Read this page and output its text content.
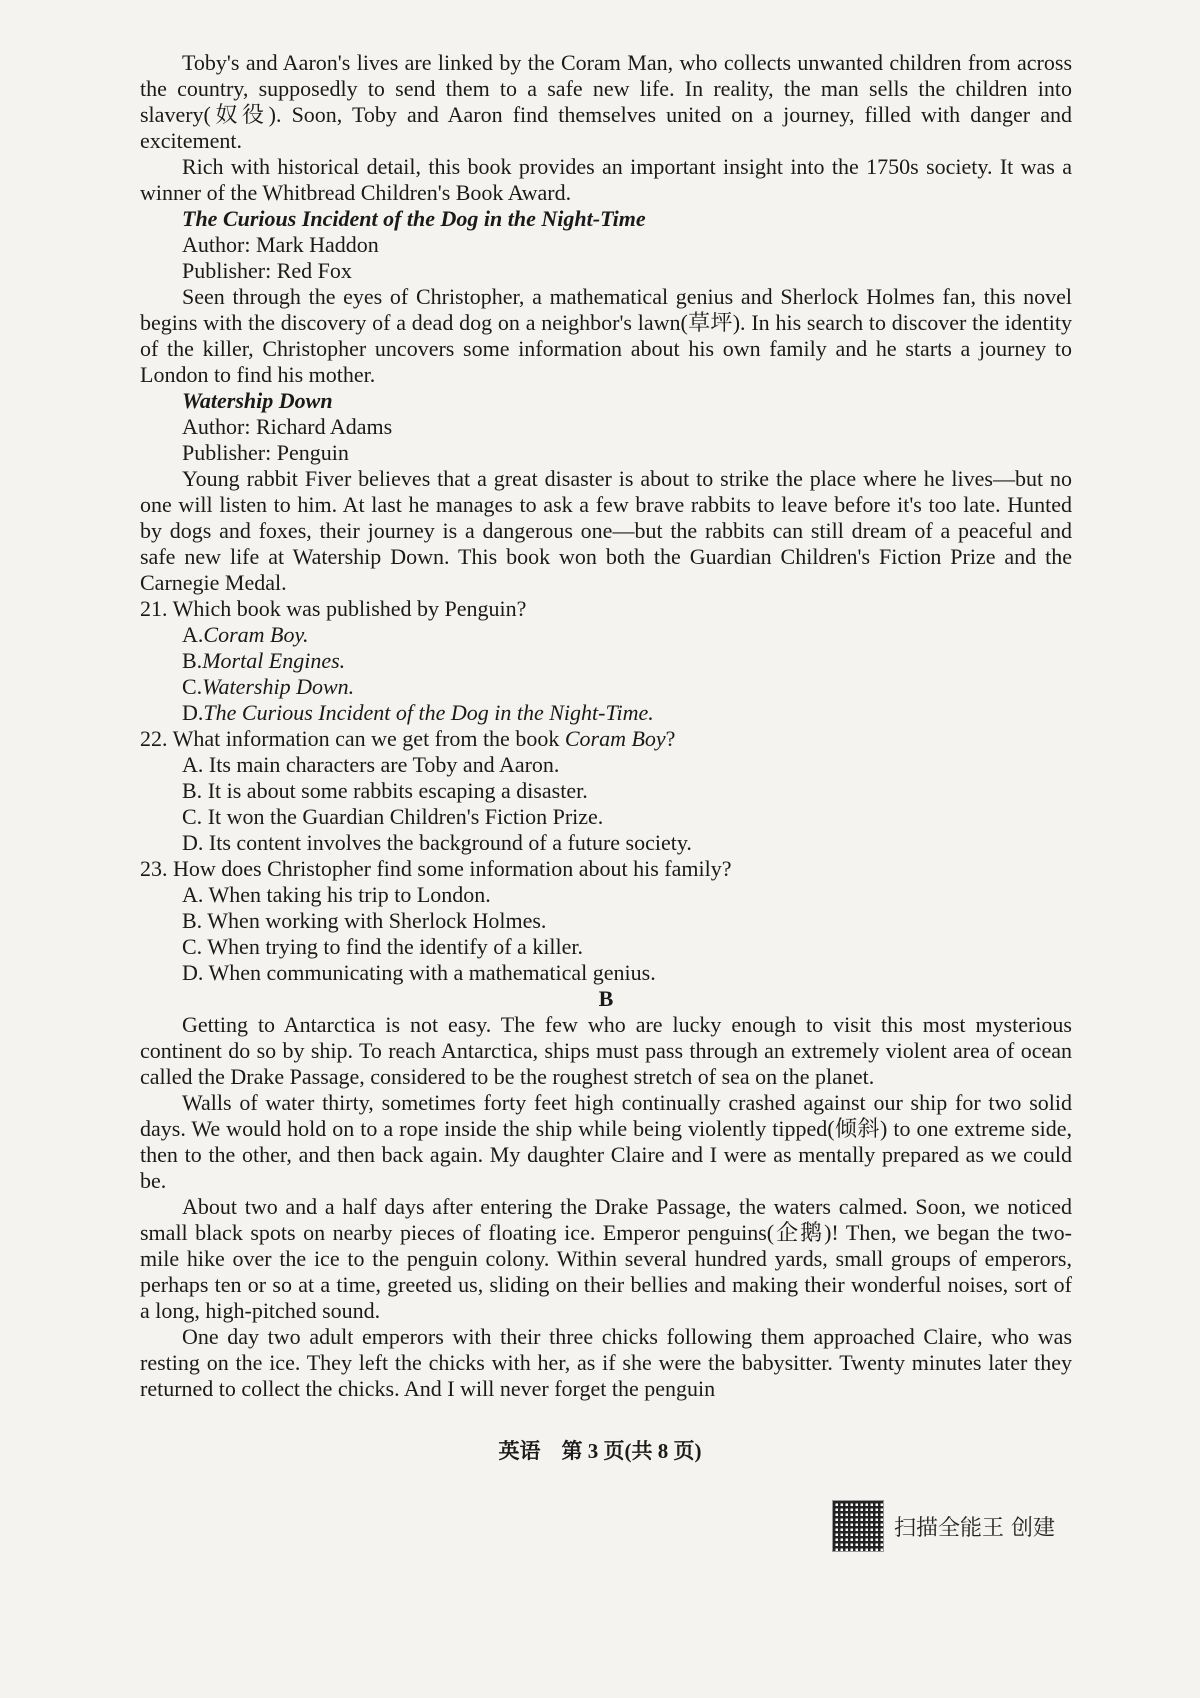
Toby's and Aaron's lives are linked by the Coram Man, who collects unwanted children from across the country, supposedly to send them to a safe new life. In reality, the man sells the children into slavery(奴役). Soon, Toby and Aaron find themselves united on a journey, filled with danger and excitement.

Rich with historical detail, this book provides an important insight into the 1750s society. It was a winner of the Whitbread Children's Book Award.

The Curious Incident of the Dog in the Night-Time

Author: Mark Haddon

Publisher: Red Fox

Seen through the eyes of Christopher, a mathematical genius and Sherlock Holmes fan, this novel begins with the discovery of a dead dog on a neighbor's lawn(草坪). In his search to discover the identity of the killer, Christopher uncovers some information about his own family and he starts a journey to London to find his mother.

Watership Down

Author: Richard Adams

Publisher: Penguin

Young rabbit Fiver believes that a great disaster is about to strike the place where he lives—but no one will listen to him. At last he manages to ask a few brave rabbits to leave before it's too late. Hunted by dogs and foxes, their journey is a dangerous one—but the rabbits can still dream of a peaceful and safe new life at Watership Down. This book won both the Guardian Children's Fiction Prize and the Carnegie Medal.

21. Which book was published by Penguin?

A.Coram Boy.
B.Mortal Engines.
C.Watership Down.
D.The Curious Incident of the Dog in the Night-Time.

22. What information can we get from the book Coram Boy?

A. Its main characters are Toby and Aaron.
B. It is about some rabbits escaping a disaster.
C. It won the Guardian Children's Fiction Prize.
D. Its content involves the background of a future society.

23. How does Christopher find some information about his family?

A. When taking his trip to London.
B. When working with Sherlock Holmes.
C. When trying to find the identify of a killer.
D. When communicating with a mathematical genius.

B

Getting to Antarctica is not easy. The few who are lucky enough to visit this most mysterious continent do so by ship. To reach Antarctica, ships must pass through an extremely violent area of ocean called the Drake Passage, considered to be the roughest stretch of sea on the planet.

Walls of water thirty, sometimes forty feet high continually crashed against our ship for two solid days. We would hold on to a rope inside the ship while being violently tipped(倾斜) to one extreme side, then to the other, and then back again. My daughter Claire and I were as mentally prepared as we could be.

About two and a half days after entering the Drake Passage, the waters calmed. Soon, we noticed small black spots on nearby pieces of floating ice. Emperor penguins(企鹅)! Then, we began the two-mile hike over the ice to the penguin colony. Within several hundred yards, small groups of emperors, perhaps ten or so at a time, greeted us, sliding on their bellies and making their wonderful noises, sort of a long, high-pitched sound.

One day two adult emperors with their three chicks following them approached Claire, who was resting on the ice. They left the chicks with her, as if she were the babysitter. Twenty minutes later they returned to collect the chicks. And I will never forget the penguin

英语　第 3 页(共 8 页)
扫描全能王 创建
